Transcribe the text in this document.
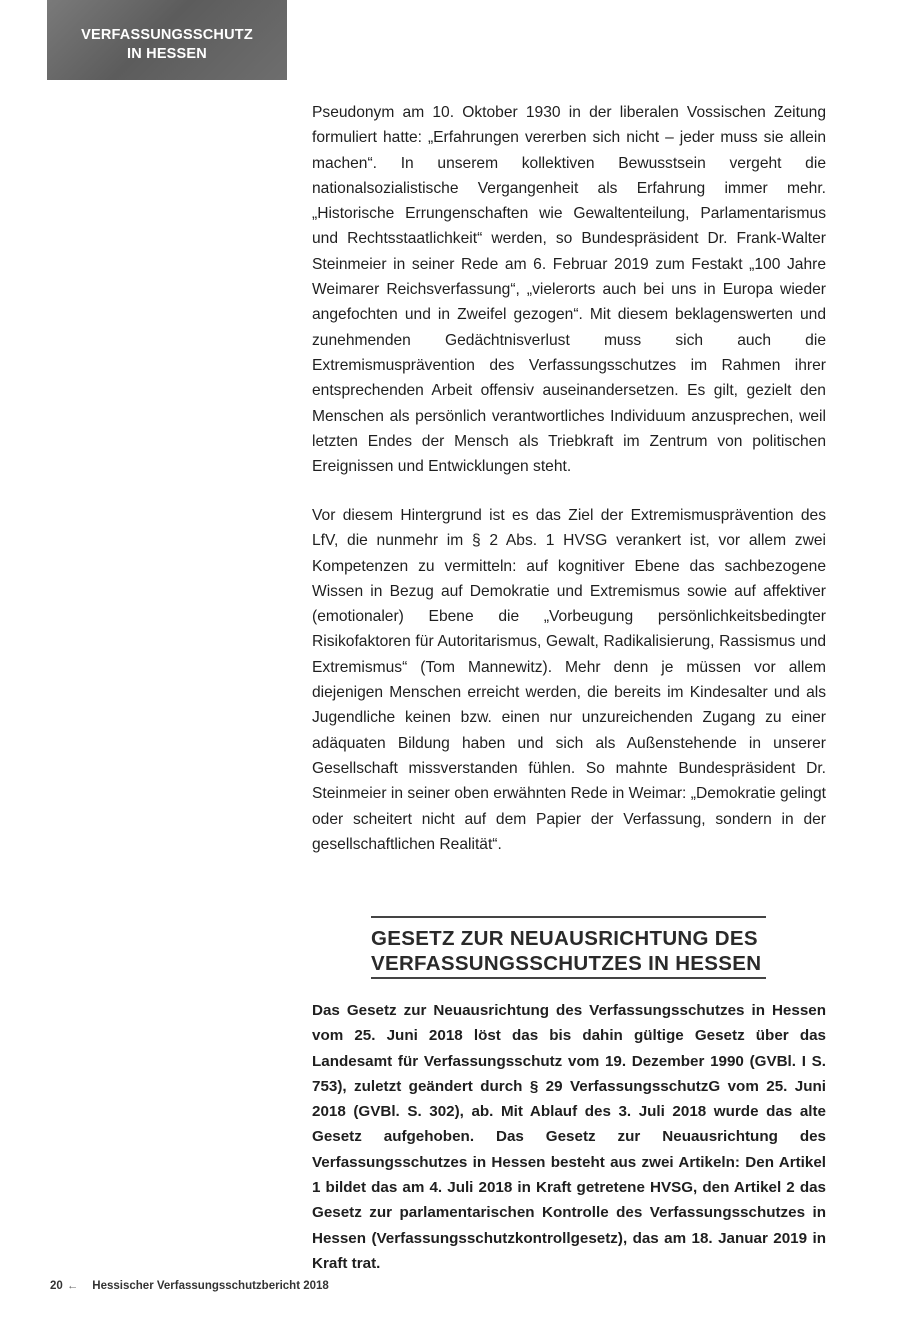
VERFASSUNGSSCHUTZ
IN HESSEN

Pseudonym am 10. Oktober 1930 in der liberalen Vossischen Zeitung formuliert hatte: „Erfahrungen vererben sich nicht – jeder muss sie allein machen“. In unserem kollektiven Bewusstsein vergeht die nationalsozialistische Vergangenheit als Erfahrung immer mehr. „Historische Errungenschaften wie Gewaltenteilung, Parlamentarismus und Rechtsstaatlichkeit“ werden, so Bundespräsident Dr. Frank-Walter Steinmeier in seiner Rede am 6. Februar 2019 zum Festakt „100 Jahre Weimarer Reichsverfassung“, „vielerorts auch bei uns in Europa wieder angefochten und in Zweifel gezogen“. Mit diesem beklagenswerten und zunehmenden Gedächtnisverlust muss sich auch die Extremismusprävention des Verfassungsschutzes im Rahmen ihrer entsprechenden Arbeit offensiv auseinandersetzen. Es gilt, gezielt den Menschen als persönlich verantwortliches Individuum anzusprechen, weil letzten Endes der Mensch als Triebkraft im Zentrum von politischen Ereignissen und Entwicklungen steht.

Vor diesem Hintergrund ist es das Ziel der Extremismusprävention des LfV, die nunmehr im § 2 Abs. 1 HVSG verankert ist, vor allem zwei Kompetenzen zu vermitteln: auf kognitiver Ebene das sachbezogene Wissen in Bezug auf Demokratie und Extremismus sowie auf affektiver (emotionaler) Ebene die „Vorbeugung persönlichkeitsbedingter Risikofaktoren für Autoritarismus, Gewalt, Radikalisierung, Rassismus und Extremismus“ (Tom Mannewitz). Mehr denn je müssen vor allem diejenigen Menschen erreicht werden, die bereits im Kindesalter und als Jugendliche keinen bzw. einen nur unzureichenden Zugang zu einer adäquaten Bildung haben und sich als Außenstehende in unserer Gesellschaft missverstanden fühlen. So mahnte Bundespräsident Dr. Steinmeier in seiner oben erwähnten Rede in Weimar: „Demokratie gelingt oder scheitert nicht auf dem Papier der Verfassung, sondern in der gesellschaftlichen Realität“.

GESETZ ZUR NEUAUSRICHTUNG DES
VERFASSUNGSSCHUTZES IN HESSEN

Das Gesetz zur Neuausrichtung des Verfassungsschutzes in Hessen vom 25. Juni 2018 löst das bis dahin gültige Gesetz über das Landesamt für Verfassungsschutz vom 19. Dezember 1990 (GVBl. I S. 753), zuletzt geändert durch § 29 VerfassungsschutzG vom 25. Juni 2018 (GVBl. S. 302), ab. Mit Ablauf des 3. Juli 2018 wurde das alte Gesetz aufgehoben. Das Gesetz zur Neuausrichtung des Verfassungsschutzes in Hessen besteht aus zwei Artikeln: Den Artikel 1 bildet das am 4. Juli 2018 in Kraft getretene HVSG, den Artikel 2 das Gesetz zur parlamentarischen Kontrolle des Verfassungsschutzes in Hessen (Verfassungsschutzkontrollgesetz), das am 18. Januar 2019 in Kraft trat.

20 ← Hessischer Verfassungsschutzbericht 2018
